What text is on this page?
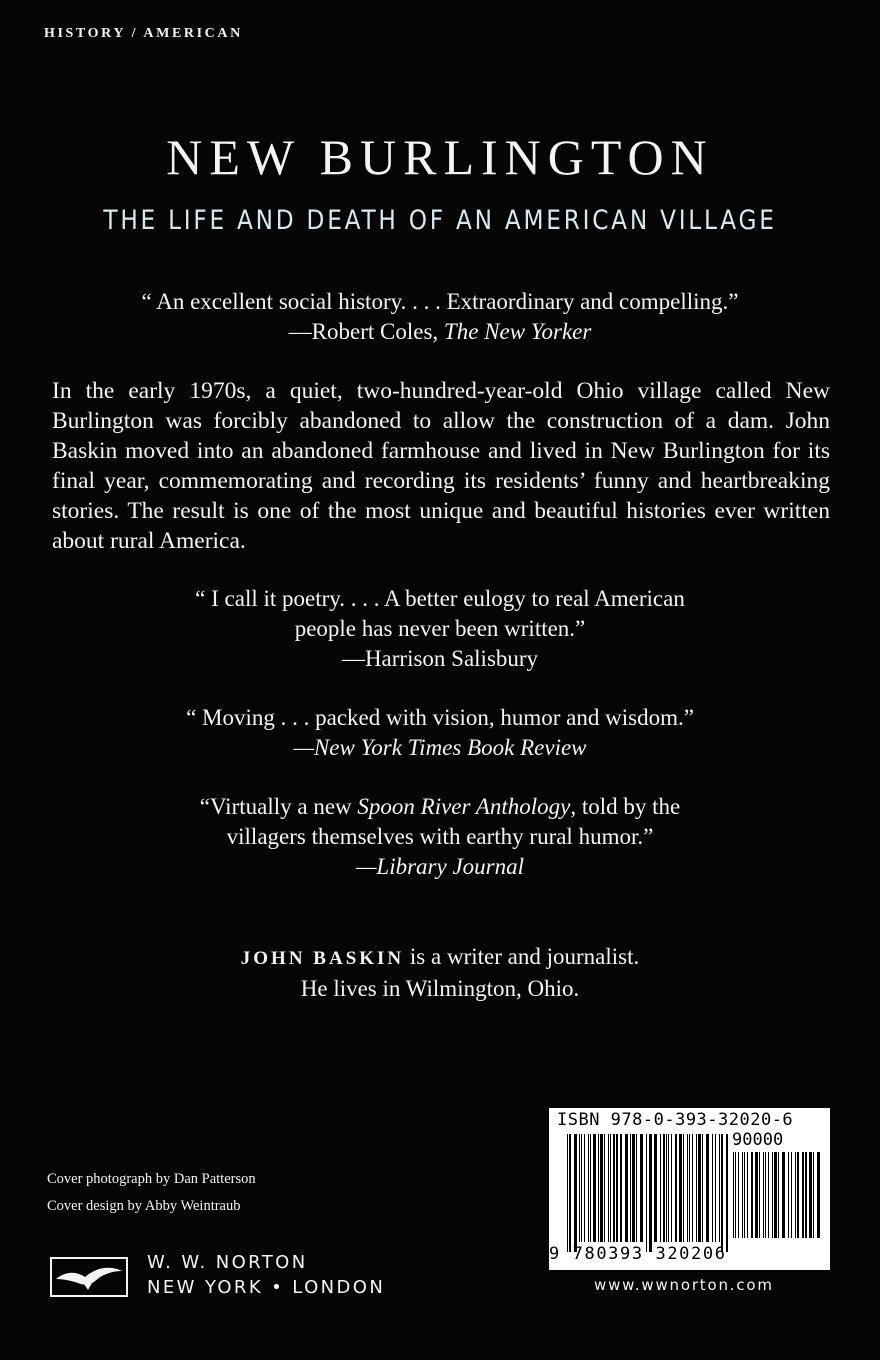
HISTORY / AMERICAN
NEW BURLINGTON
THE LIFE AND DEATH OF AN AMERICAN VILLAGE
“ An excellent social history. . . . Extraordinary and compelling.”
—Robert Coles, The New Yorker

In the early 1970s, a quiet, two-hundred-year-old Ohio village called New Burlington was forcibly abandoned to allow the construction of a dam. John Baskin moved into an abandoned farmhouse and lived in New Burlington for its final year, commemorating and recording its residents’ funny and heartbreaking stories. The result is one of the most unique and beautiful histories ever written about rural America.

“ I call it poetry. . . . A better eulogy to real American
people has never been written.”
—Harrison Salisbury
“ Moving . . . packed with vision, humor and wisdom.”
—New York Times Book Review
“Virtually a new Spoon River Anthology, told by the
villagers themselves with earthy rural humor.”
—Library Journal
JOHN BASKIN is a writer and journalist.
He lives in Wilmington, Ohio.
Cover photograph by Dan Patterson
Cover design by Abby Weintraub
W. W. NORTON
NEW YORK • LONDON
ISBN 978-0-393-32020-6
90000
9 780393 320206
www.wwnorton.com
